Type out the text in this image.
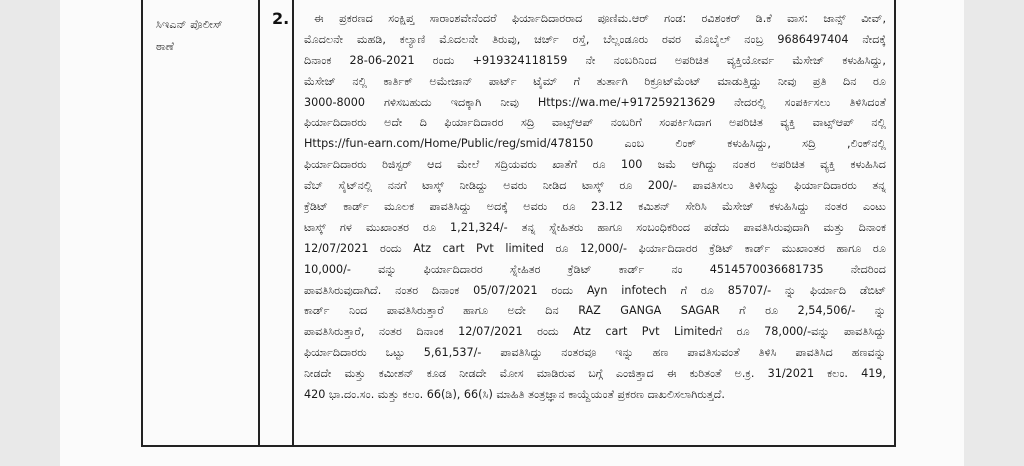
ಸಿಇಎನ್ ಪೊಲೀಸ್
ಠಾಣೆ
2.	ಈ ಪ್ರಕರಣದ ಸಂಕ್ಷಿಪ್ತ ಸಾರಾಂಶವೇನೆಂದರೆ ಫಿರ್ಯಾದಿದಾರರಾದ ಪೂಣಿಮ.ಆರ್ ಗಂಡ: ರವಿಶಂಕರ್ ಡಿ.ಕೆ ವಾಸ: ಜಾನ್ಸ್ ವೀವ್,
ಮೊದಲನೇ ಮಹಡಿ, ಕಲ್ಯಾಣಿ ಮೊದಲನೇ ತಿರುವು, ಚರ್ಚ್ ರಸ್ತೆ, ಬೆಲ್ಲಂಡೂರು ರವರ ಮೊಬೈಲ್ ನಂಬ್ರ 9686497404 ನೇದಕ್ಕೆ
ದಿನಾಂಕ 28-06-2021 ರಂದು +919324118159 ನೇ ನಂಬರಿನಿಂದ ಅಪರಿಚಿತ ವ್ಯಕ್ತಿಯೋರ್ವ ಮೆಸೇಜ್ ಕಳುಹಿಸಿದ್ದು,
ಮೆಸೇಜ್ ನಲ್ಲಿ ಕಾರ್ತಿಕ್ ಅಮೇಜಾನ್ ಪಾರ್ಟ್ ಟೈಮ್ ಗೆ ತುರ್ತಾಗಿ ರಿಕ್ರೂಟ್‌ಮೆಂಟ್ ಮಾಡುತ್ತಿದ್ದು ನೀವು ಪ್ರತಿ ದಿನ ರೂ
3000-8000 ಗಳಿಸಬಹುದು ಇದಕ್ಕಾಗಿ ನೀವು Https://wa.me/+917259213629 ನೇದರಲ್ಲಿ ಸಂಪರ್ಕಿಸಲು ತಿಳಿಸಿದಂತೆ
ಫಿರ್ಯಾದಿದಾರರು ಅದೇ ದಿ ಫಿರ್ಯಾದಿದಾರರ ಸದ್ರಿ ವಾಟ್ಸ್ಆಪ್ ನಂಬರಿಗೆ ಸಂಪರ್ಕಿಸಿದಾಗ ಅಪರಿಚಿತ ವ್ಯಕ್ತಿ ವಾಟ್ಸ್ಆಪ್ ನಲ್ಲಿ
Https://fun-earn.com/Home/Public/reg/smid/478150 ಎಂಬ ಲಿಂಕ್ ಕಳುಹಿಸಿದ್ದು, ಸದ್ರಿ ,ಲಿಂಕ್‌ನಲ್ಲಿ
ಫಿರ್ಯಾದಿದಾರರು ರಿಜಿಸ್ಟರ್ ಆದ ಮೇಲೆ ಸದ್ರಿಯವರು ಖಾತೆಗೆ ರೂ 100 ಜಮೆ ಆಗಿದ್ದು ನಂತರ ಅಪರಿಚಿತ ವ್ಯಕ್ತಿ ಕಳುಹಿಸಿದ
ವೆಬ್ ಸೈಟ್‌ನಲ್ಲಿ ನನಗೆ ಟಾಸ್ಕ್ ನೀಡಿದ್ದು ಅವರು ನೀಡಿದ ಟಾಸ್ಕ್ ರೂ 200/- ಪಾವತಿಸಲು ತಿಳಿಸಿದ್ದು ಫಿರ್ಯಾದಿದಾರರು ತನ್ನ
ಕ್ರೆಡಿಟ್ ಕಾರ್ಡ್ ಮೂಲಕ ಪಾವತಿಸಿದ್ದು ಅದಕ್ಕೆ ಅವರು ರೂ 23.12 ಕಮಿಶನ್ ಸೇರಿಸಿ ಮೆಸೇಜ್ ಕಳುಹಿಸಿದ್ದು ನಂತರ ಎಂಟು
ಟಾಸ್ಕ್ ಗಳ ಮುಖಾಂತರ ರೂ 1,21,324/- ತನ್ನ ಸ್ನೇಹಿತರು ಹಾಗೂ ಸಂಬಂಧಿಕರಿಂದ ಪಡೆದು ಪಾವತಿಸಿರುವುದಾಗಿ ಮತ್ತು ದಿನಾಂಕ
12/07/2021 ರಂದು Atz cart Pvt limited ರೂ 12,000/- ಫಿರ್ಯಾದಿದಾರರ ಕ್ರೆಡಿಟ್ ಕಾರ್ಡ್ ಮುಖಾಂತರ ಹಾಗೂ ರೂ
10,000/- ವನ್ನು ಫಿರ್ಯಾದಿದಾರರ ಸ್ನೇಹಿತರ ಕ್ರೆಡಿಟ್ ಕಾರ್ಡ್ ನಂ 4514570036681735 ನೇದರಿಂದ
ಪಾವತಿಸಿರುವುದಾಗಿದೆ. ನಂತರ ದಿನಾಂಕ 05/07/2021 ರಂದು Ayn infotech ಗೆ ರೂ 85707/- ನ್ನು ಫಿರ್ಯಾದಿ ಡೆಬಿಟ್
ಕಾರ್ಡ್ ನಿಂದ ಪಾವತಿಸಿರುತ್ತಾರೆ ಹಾಗೂ ಅದೇ ದಿನ RAZ GANGA SAGAR ಗೆ ರೂ 2,54,506/- ನ್ನು
ಪಾವತಿಸಿರುತ್ತಾರೆ, ನಂತರ ದಿನಾಂಕ 12/07/2021 ರಂದು Atz cart Pvt Limitedಗೆ ರೂ 78,000/-ವನ್ನು ಪಾವತಿಸಿದ್ದು
ಫಿರ್ಯಾದಿದಾರರು ಒಟ್ಟು 5,61,537/- ಪಾವತಿಸಿದ್ದು ನಂತರವೂ ಇನ್ನು ಹಣ ಪಾವತಿಸುವಂತೆ ತಿಳಿಸಿ ಪಾವತಿಸಿದ ಹಣವನ್ನು
ನೀಡದೇ ಮತ್ತು ಕಮೀಶನ್ ಕೂಡ ನೀಡದೇ ಮೋಸ ಮಾಡಿರುವ ಬಗ್ಗೆ ಎಂಜಿತ್ತಾದ ಈ ಕುರಿತಂತೆ ಅ.ಕ್ರ. 31/2021 ಕಲಂ. 419,
420 ಭಾ.ದಂ.ಸಂ. ಮತ್ತು ಕಲಂ. 66(ಡಿ), 66(ಸಿ) ಮಾಹಿತಿ ತಂತ್ರಜ್ಞಾನ ಕಾಯ್ದೆಯಂತೆ ಪ್ರಕರಣ ದಾಖಲಿಸಲಾಗಿರುತ್ತದೆ.
